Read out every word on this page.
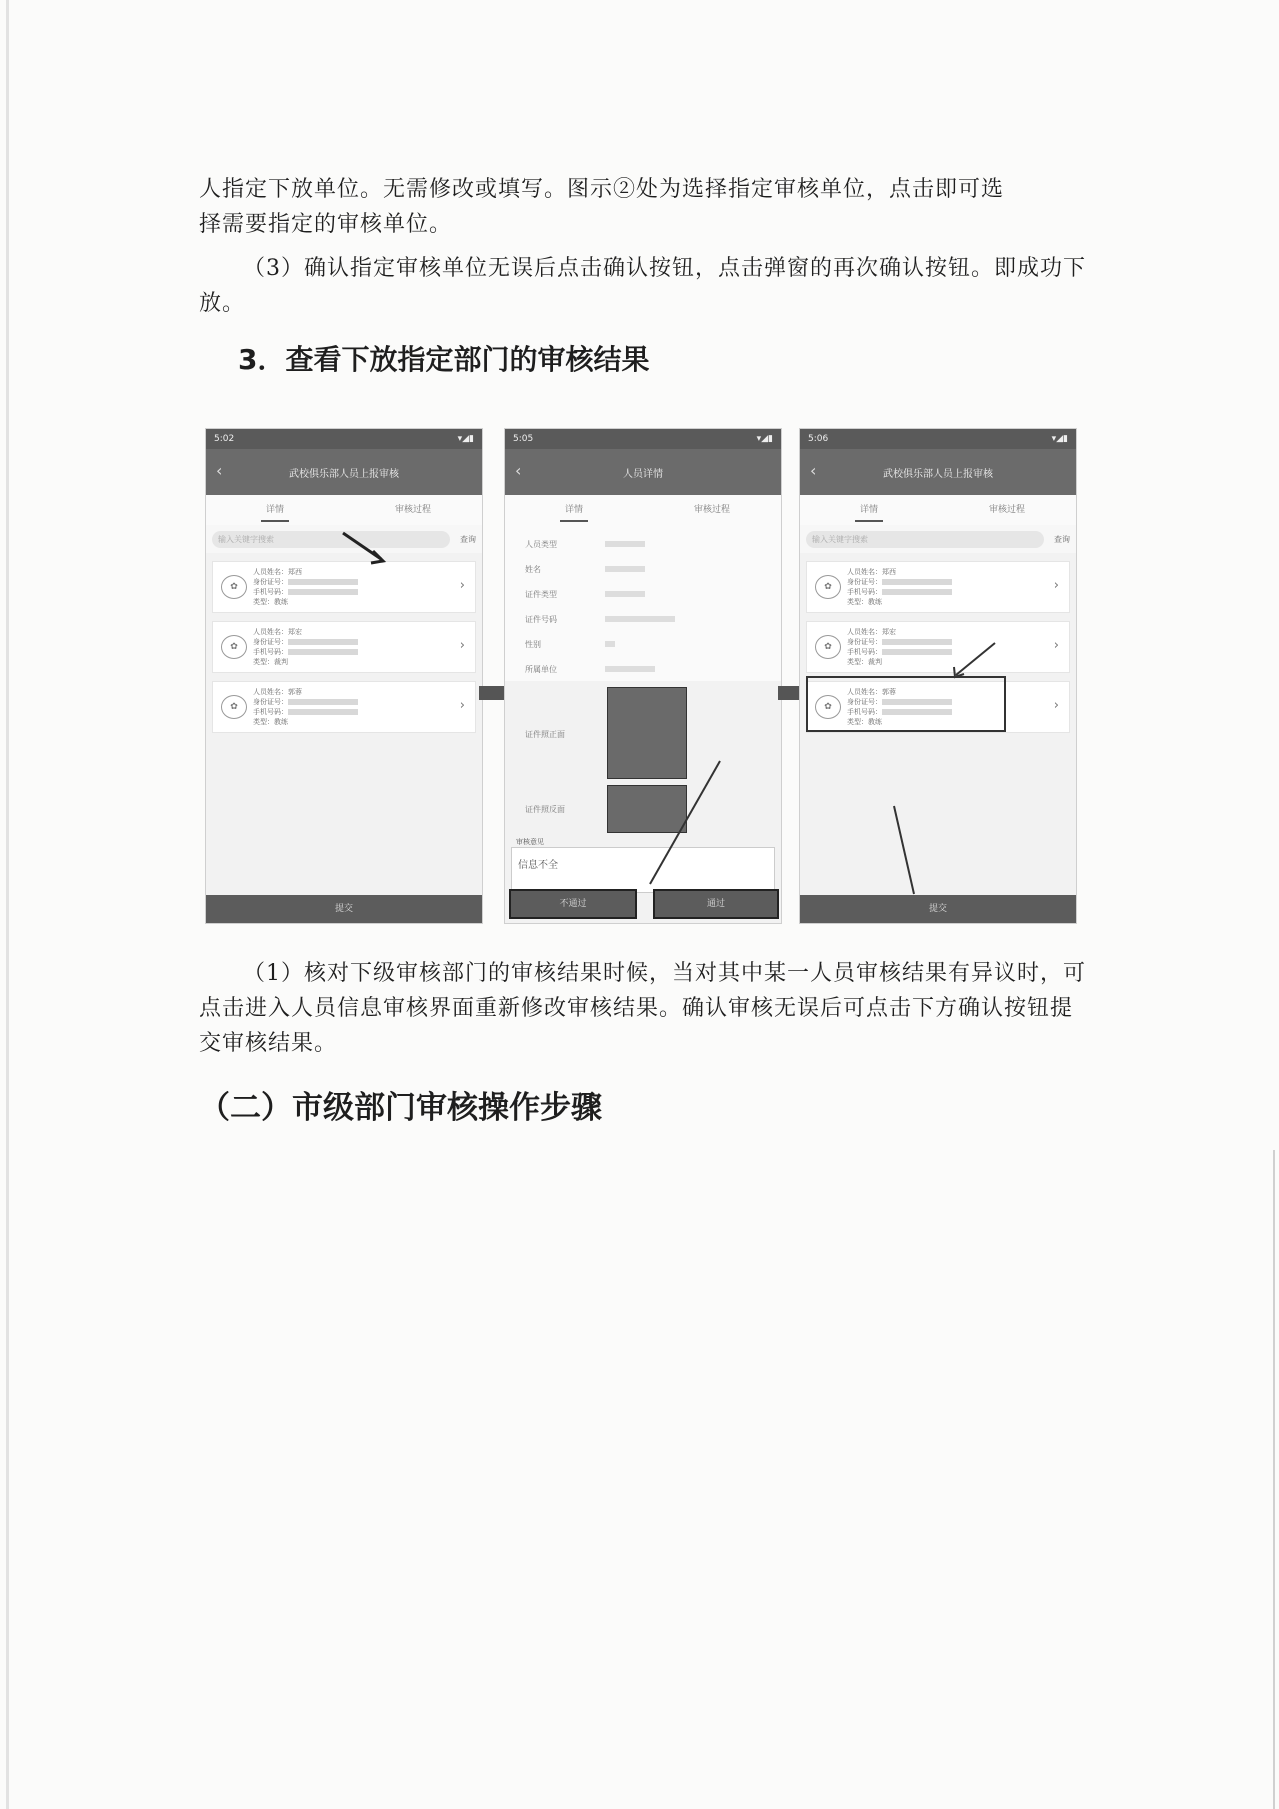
人指定下放单位。无需修改或填写。图示②处为选择指定审核单位，点击即可选

择需要指定的审核单位。

（3）确认指定审核单位无误后点击确认按钮，点击弹窗的再次确认按钮。即成功下放。

3．查看下放指定部门的审核结果
5:02	▾◢▮
‹	武校俱乐部人员上报审核
详情	审核过程
输入关键字搜索	查询
✿
人员姓名：郑西
身份证号：
手机号码：
类型：教练
›
✿
人员姓名：郑宏
身份证号：
手机号码：
类型：裁判
›
✿
人员姓名：郭蓉
身份证号：
手机号码：
类型：教练
›
提交
5:05	▾◢▮
‹	人员详情
详情	审核过程
人员类型
姓名
证件类型
证件号码
性别
所属单位
证件照正面
证件照反面
审核意见
信息不全
不通过	通过
5:06	▾◢▮
‹	武校俱乐部人员上报审核
详情	审核过程
输入关键字搜索	查询
✿
人员姓名：郑西
身份证号：
手机号码：
类型：教练
›
✿
人员姓名：郑宏
身份证号：
手机号码：
类型：裁判
›
✿
人员姓名：郭蓉
身份证号：
手机号码：
类型：教练
›
提交

（1）核对下级审核部门的审核结果时候，当对其中某一人员审核结果有异议时，可点击进入人员信息审核界面重新修改审核结果。确认审核无误后可点击下方确认按钮提交审核结果。

（二）市级部门审核操作步骤
